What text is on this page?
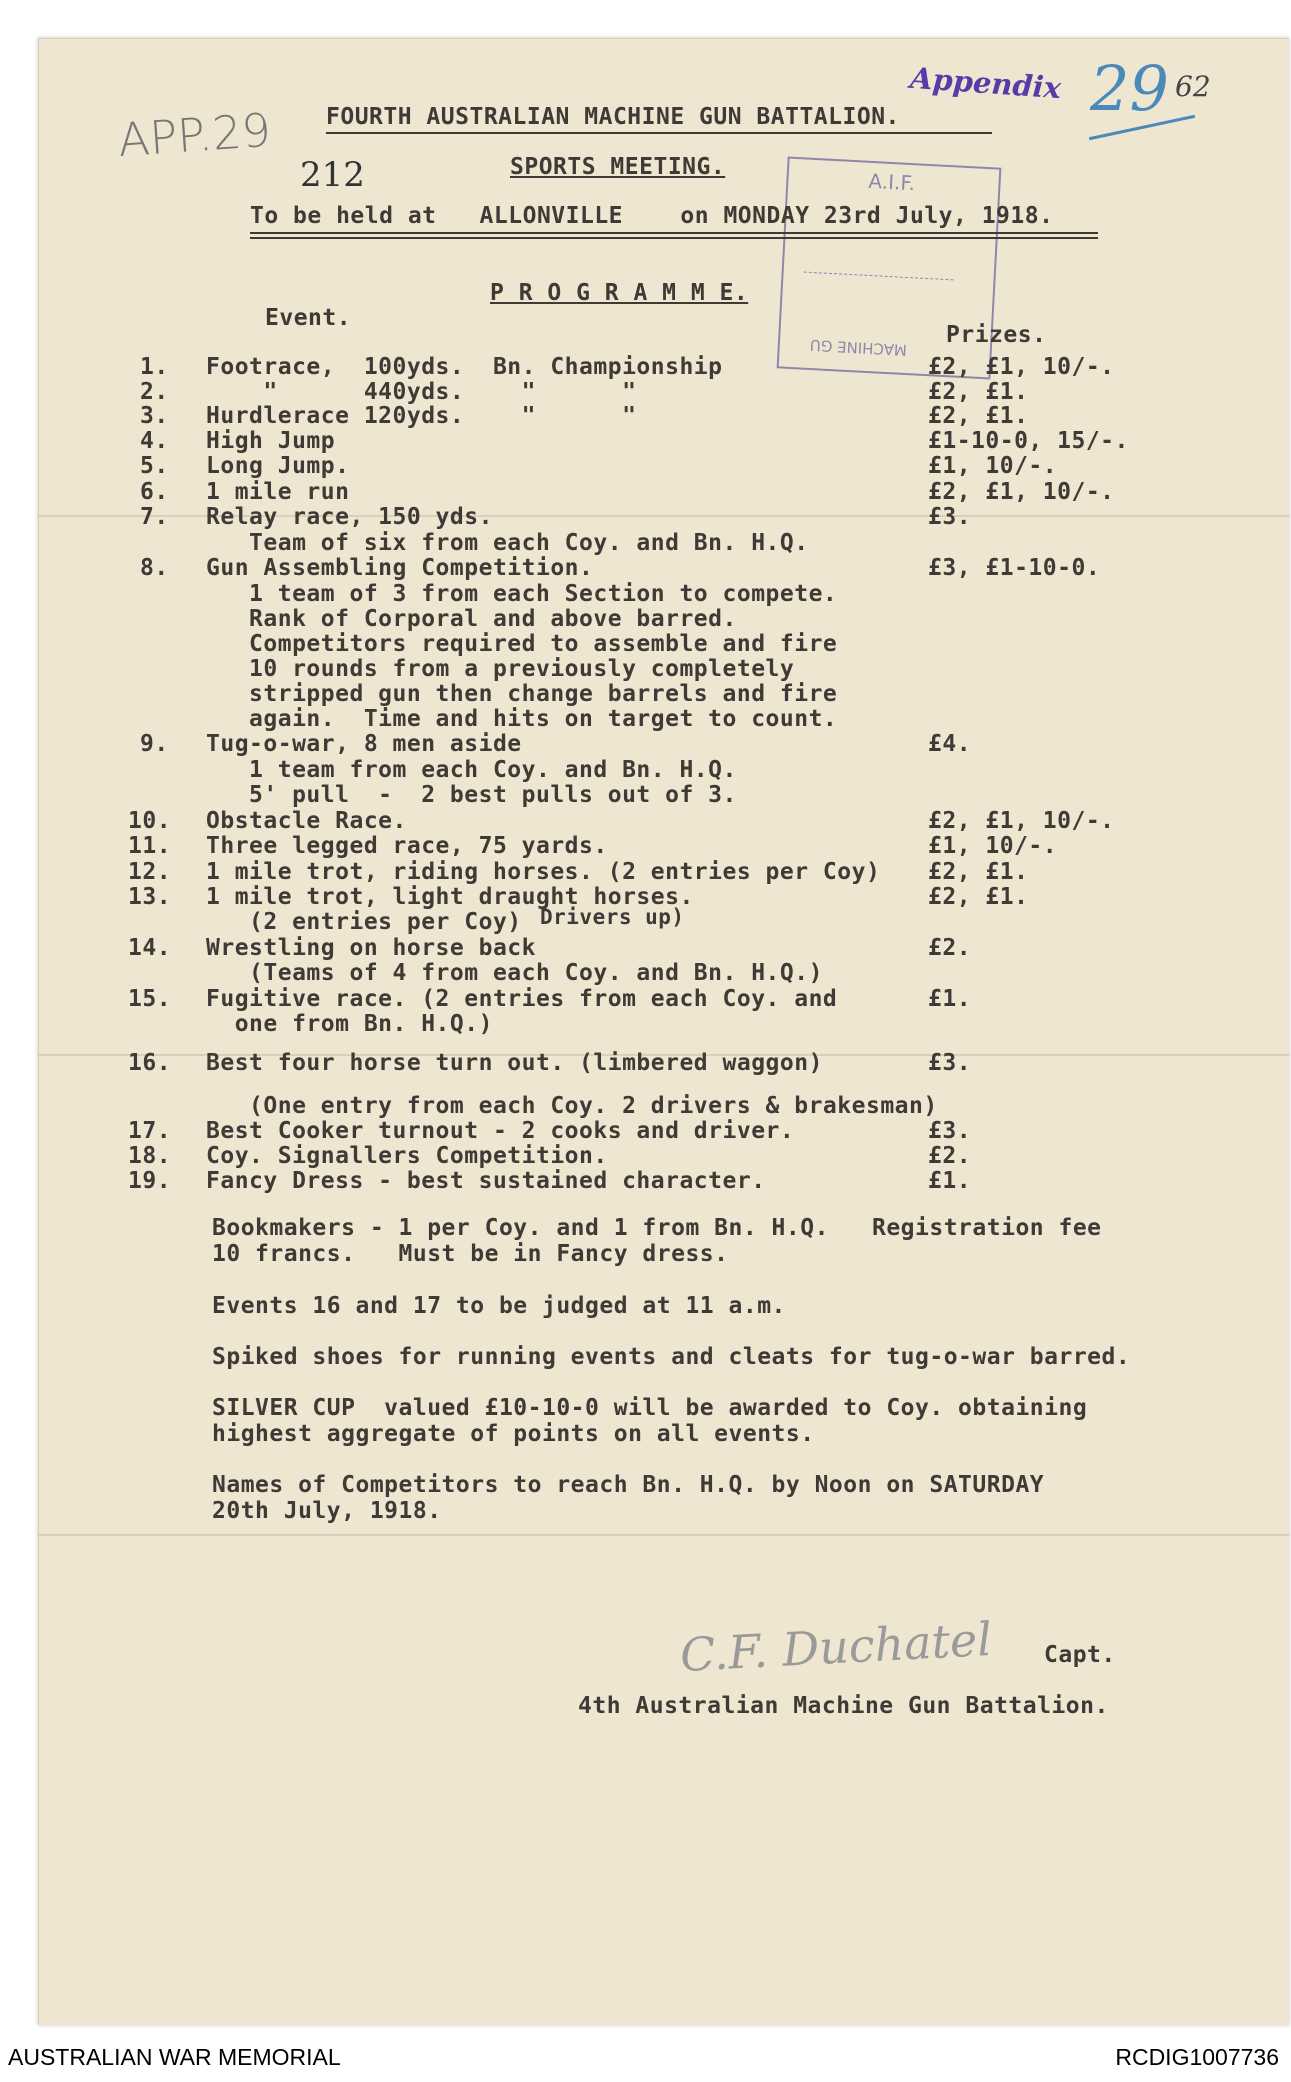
APP.29
Appendix 29 62
212	A.I.F.
MACHINE GU
FOURTH AUSTRALIAN MACHINE GUN BATTALION.
SPORTS MEETING.
To be held at   ALLONVILLE    on MONDAY 23rd July, 1918.
P R O G R A M M E.
Event.
Prizes.
1. Footrace,  100yds.  Bn. Championship	£2, £1, 10/-.
2. "      440yds.    "      "	£2, £1.
3. Hurdlerace 120yds.    "      "	£2, £1.
4. High Jump	£1-10-0, 15/-.
5. Long Jump.	£1, 10/-.
6. 1 mile run	£2, £1, 10/-.
7. Relay race, 150 yds.	£3.
Team of six from each Coy. and Bn. H.Q.
8. Gun Assembling Competition.	£3, £1-10-0.
1 team of 3 from each Section to compete.
Rank of Corporal and above barred.
Competitors required to assemble and fire
10 rounds from a previously completely
stripped gun then change barrels and fire
again.  Time and hits on target to count.
9. Tug-o-war, 8 men aside	£4.
1 team from each Coy. and Bn. H.Q.
5' pull  -  2 best pulls out of 3.
10. Obstacle Race.	£2, £1, 10/-.
11. Three legged race, 75 yards.	£1, 10/-.
12. 1 mile trot, riding horses. (2 entries per Coy) £2, £1.
13. 1 mile trot, light draught horses.	£2, £1.
(2 entries per Coy)
14. Wrestling on horse back	£2.
(Teams of 4 from each Coy. and Bn. H.Q.)
15. Fugitive race. (2 entries from each Coy. and	£1.
one from Bn. H.Q.)
16. Best four horse turn out. (limbered waggon)	£3.
(One entry from each Coy. 2 drivers & brakesman)
17. Best Cooker turnout - 2 cooks and driver.	£3.
18. Coy. Signallers Competition.	£2.
19. Fancy Dress - best sustained character.	£1.
Drivers up)
Bookmakers - 1 per Coy. and 1 from Bn. H.Q.   Registration fee
10 francs.   Must be in Fancy dress.
Events 16 and 17 to be judged at 11 a.m.
Spiked shoes for running events and cleats for tug-o-war barred.
SILVER CUP  valued £10-10-0 will be awarded to Coy. obtaining
highest aggregate of points on all events.
Names of Competitors to reach Bn. H.Q. by Noon on SATURDAY
20th July, 1918.
C.F. Duchatel Capt.
4th Australian Machine Gun Battalion.
AUSTRALIAN WAR MEMORIAL	RCDIG1007736
